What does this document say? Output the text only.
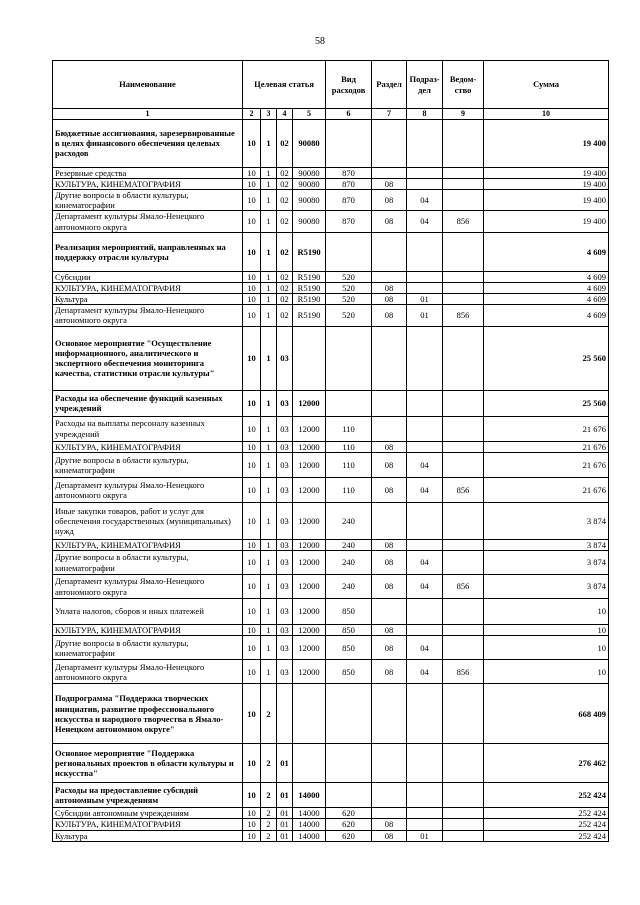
58
Наименование	Целевая статья				Вид расходов	Раздел	Подраз-дел	Ведом-ство	Сумма
1	2	3	4	5	6	7	8	9	10
Бюджетные ассигнования, зарезервированные в целях финансового обеспечения целевых расходов	10	1	02	90080					19 400
Резервные средства	10	1	02	90080	870				19 400
КУЛЬТУРА, КИНЕМАТОГРАФИЯ	10	1	02	90080	870	08			19 400
Другие вопросы в области культуры, кинематографии	10	1	02	90080	870	08	04		19 400
Департамент культуры Ямало-Ненецкого автономного округа	10	1	02	90080	870	08	04	856	19 400
Реализация мероприятий, направленных на поддержку отрасли культуры	10	1	02	R5190					4 609
Субсидии	10	1	02	R5190	520				4 609
КУЛЬТУРА, КИНЕМАТОГРАФИЯ	10	1	02	R5190	520	08			4 609
Культура	10	1	02	R5190	520	08	01		4 609
Департамент культуры Ямало-Ненецкого автономного округа	10	1	02	R5190	520	08	01	856	4 609
Основное мероприятие "Осуществление информационного, аналитического и экспертного обеспечения мониторинга качества, статистики отрасли культуры"	10	1	03						25 560
Расходы на обеспечение функций казенных учреждений	10	1	03	12000					25 560
Расходы на выплаты персоналу казенных учреждений	10	1	03	12000	110				21 676
КУЛЬТУРА, КИНЕМАТОГРАФИЯ	10	1	03	12000	110	08			21 676
Другие вопросы в области культуры, кинематографии	10	1	03	12000	110	08	04		21 676
Департамент культуры Ямало-Ненецкого автономного округа	10	1	03	12000	110	08	04	856	21 676
Иные закупки товаров, работ и услуг для обеспечения государственных (муниципальных) нужд	10	1	03	12000	240				3 874
КУЛЬТУРА, КИНЕМАТОГРАФИЯ	10	1	03	12000	240	08			3 874
Другие вопросы в области культуры, кинематографии	10	1	03	12000	240	08	04		3 874
Департамент культуры Ямало-Ненецкого автономного округа	10	1	03	12000	240	08	04	856	3 874
Уплата налогов, сборов и иных платежей	10	1	03	12000	850				10
КУЛЬТУРА, КИНЕМАТОГРАФИЯ	10	1	03	12000	850	08			10
Другие вопросы в области культуры, кинематографии	10	1	03	12000	850	08	04		10
Департамент культуры Ямало-Ненецкого автономного округа	10	1	03	12000	850	08	04	856	10
Подпрограмма "Поддержка творческих инициатив, развитие профессионального искусства и народного творчества в Ямало-Ненецком автономном округе"	10	2							668 409
Основное мероприятие "Поддержка региональных проектов в области культуры и искусства"	10	2	01						276 462
Расходы на предоставление субсидий автономным учреждениям	10	2	01	14000					252 424
Субсидии автономным учреждениям	10	2	01	14000	620				252 424
КУЛЬТУРА, КИНЕМАТОГРАФИЯ	10	2	01	14000	620	08			252 424
Культура	10	2	01	14000	620	08	01		252 424
